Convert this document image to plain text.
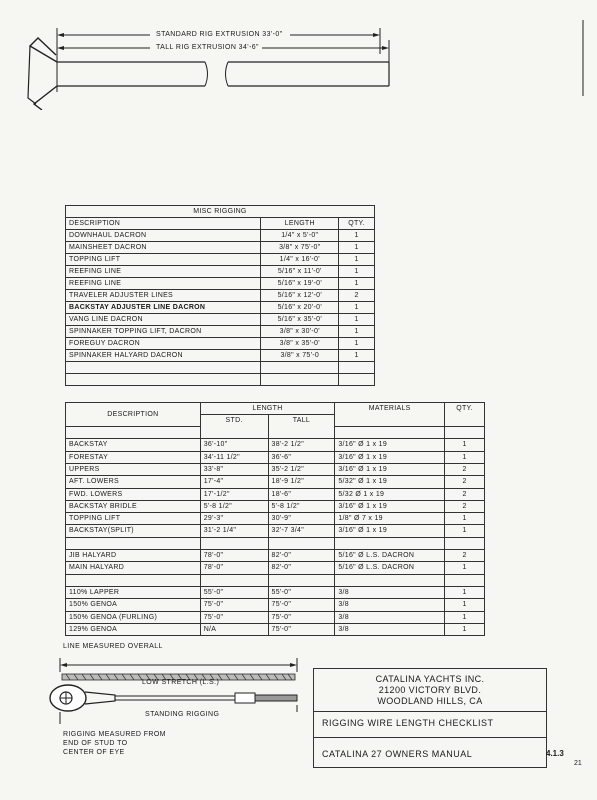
STANDARD RIG EXTRUSION 33'-0"
TALL RIG EXTRUSION 34'-6"
MISC RIGGING		
DESCRIPTION	LENGTH	QTY.
DOWNHAUL DACRON	1/4" x 5'-0"	1
MAINSHEET DACRON	3/8" x 75'-0"	1
TOPPING LIFT	1/4" x 16'-0'	1
REEFING LINE	5/16" x 11'-0'	1
REEFING LINE	5/16" x 19'-0'	1
TRAVELER ADJUSTER LINES	5/16" x 12'-0'	2
BACKSTAY ADJUSTER LINE DACRON	5/16" x 20'-0'	1
VANG LINE DACRON	5/16" x 35'-0'	1
SPINNAKER TOPPING LIFT, DACRON	3/8" x 30'-0'	1
FOREGUY DACRON	3/8" x 35'-0'	1
SPINNAKER HALYARD DACRON	3/8" x 75'-0	1

DESCRIPTION	LENGTH		MATERIALS	QTY.
	STD.	TALL		

BACKSTAY	36'-10"	38'-2 1/2"	3/16" Ø 1 x 19	1
FORESTAY	34'-11 1/2"	36'-6"	3/16" Ø 1 x 19	1
UPPERS	33'-8"	35'-2 1/2"	3/16" Ø 1 x 19	2
AFT. LOWERS	17'-4"	18'-9 1/2"	5/32" Ø 1 x 19	2
FWD. LOWERS	17'-1/2"	18'-6"	5/32 Ø 1 x 19	2
BACKSTAY BRIDLE	5'-8 1/2"	5'-8 1/2"	3/16" Ø 1 x 19	2
TOPPING LIFT	29'-3"	30'-9"	1/8" Ø 7 x 19	1
BACKSTAY(SPLIT)	31'-2 1/4"	32'-7 3/4"	3/16" Ø 1 x 19	1

JIB HALYARD	78'-0"	82'-0"	5/16" Ø L.S. DACRON	2
MAIN HALYARD	78'-0"	82'-0"	5/16" Ø L.S. DACRON	1

110% LAPPER	55'-0"	55'-0"	3/8	1
150% GENOA	75'-0"	75'-0"	3/8	1
150% GENOA (FURLING)	75'-0"	75'-0"	3/8	1
129% GENOA	N/A	75'-0"	3/8	1
LINE MEASURED OVERALL
LOW STRETCH (L.S.)
STANDING RIGGING
RIGGING MEASURED FROM
END OF STUD TO
CENTER OF EYE
CATALINA YACHTS INC.
21200 VICTORY BLVD.
WOODLAND HILLS, CA
RIGGING WIRE LENGTH CHECKLIST
CATALINA 27 OWNERS MANUAL	4.1.3
21
